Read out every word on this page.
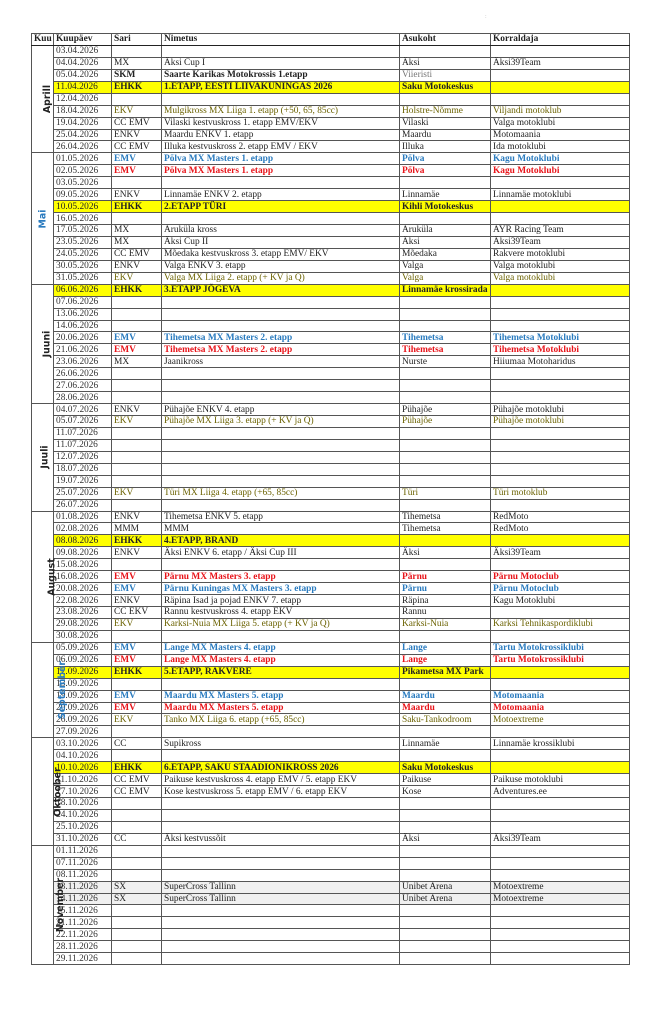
:
Kuu	Kuupäev	Sari	Nimetus	Asukoht	Korraldaja
Aprill	03.04.2026				
	04.04.2026	MX	Äksi Cup I	Äksi	Äksi39Team
	05.04.2026	SKM	Saarte Karikas Motokrossis 1.etapp	Viieristi	
	11.04.2026	EHKK	1.ETAPP, EESTI LIIVAKUNINGAS 2026	Saku Motokeskus	
	12.04.2026				
	18.04.2026	EKV	Mulgikross MX Liiga 1. etapp (+50, 65, 85cc)	Holstre-Nõmme	Viljandi motoklub
	19.04.2026	CC EMV	Vilaski kestvuskross 1. etapp EMV/EKV	Vilaski	Valga motoklubi
	25.04.2026	ENKV	Maardu ENKV 1. etapp	Maardu	Motomaania
	26.04.2026	CC EMV	Illuka kestvuskross 2. etapp EMV / EKV	Illuka	Ida motoklubi
Mai	01.05.2026	EMV	Põlva MX Masters 1. etapp	Põlva	Kagu Motoklubi
	02.05.2026	EMV	Põlva MX Masters 1. etapp	Põlva	Kagu Motoklubi
	03.05.2026				
	09.05.2026	ENKV	Linnamäe ENKV 2. etapp	Linnamäe	Linnamäe motoklubi
	10.05.2026	EHKK	2.ETAPP TÜRI	Kihli Motokeskus	
	16.05.2026				
	17.05.2026	MX	Aruküla kross	Aruküla	AYR Racing Team
	23.05.2026	MX	Äksi Cup II	Äksi	Äksi39Team
	24.05.2026	CC EMV	Mõedaka kestvuskross 3. etapp EMV/ EKV	Mõedaka	Rakvere motoklubi
	30.05.2026	ENKV	Valga ENKV 3. etapp	Valga	Valga motoklubi
	31.05.2026	EKV	Valga MX Liiga 2. etapp (+ KV ja Q)	Valga	Valga motoklubi
Juuni	06.06.2026	EHKK	3.ETAPP JÕGEVA	Linnamäe krossirada	
	07.06.2026				
	13.06.2026				
	14.06.2026				
	20.06.2026	EMV	Tihemetsa MX Masters 2. etapp	Tihemetsa	Tihemetsa Motoklubi
	21.06.2026	EMV	Tihemetsa MX Masters 2. etapp	Tihemetsa	Tihemetsa Motoklubi
	23.06.2026	MX	Jaanikross	Nurste	Hiiumaa Motoharidus
	26.06.2026				
	27.06.2026				
	28.06.2026				
Juuli	04.07.2026	ENKV	Pühajõe ENKV 4. etapp	Pühajõe	Pühajõe motoklubi
	05.07.2026	EKV	Pühajõe MX Liiga 3. etapp (+ KV ja Q)	Pühajõe	Pühajõe motoklubi
	11.07.2026				
	11.07.2026				
	12.07.2026				
	18.07.2026				
	19.07.2026				
	25.07.2026	EKV	Türi MX Liiga 4. etapp (+65, 85cc)	Türi	Türi motoklub
	26.07.2026				
August	01.08.2026	ENKV	Tihemetsa ENKV 5. etapp	Tihemetsa	RedMoto
	02.08.2026	MMM	MMM	Tihemetsa	RedMoto
	08.08.2026	EHKK	4.ETAPP, BRAND		
	09.08.2026	ENKV	Äksi ENKV 6. etapp / Äksi Cup III	Äksi	Äksi39Team
	15.08.2026				
	16.08.2026	EMV	Pärnu MX Masters 3. etapp	Pärnu	Pärnu Motoclub
	20.08.2026	EMV	Pärnu Kuningas MX Masters 3. etapp	Pärnu	Pärnu Motoclub
	22.08.2026	ENKV	Räpina Isad ja pojad ENKV 7. etapp	Räpina	Kagu Motoklubi
	23.08.2026	CC EKV	Rannu kestvuskross 4. etapp EKV	Rannu	
	29.08.2026	EKV	Karksi-Nuia MX Liiga 5. etapp (+ KV ja Q)	Karksi-Nuia	Karksi Tehnikaspordiklubi
	30.08.2026				
September	05.09.2026	EMV	Lange MX Masters 4. etapp	Lange	Tartu Motokrossiklubi
	06.09.2026	EMV	Lange MX Masters 4. etapp	Lange	Tartu Motokrossiklubi
	12.09.2026	EHKK	5.ETAPP, RAKVERE	Pikametsa MX Park	
	13.09.2026				
	19.09.2026	EMV	Maardu MX Masters 5. etapp	Maardu	Motomaania
	20.09.2026	EMV	Maardu MX Masters 5. etapp	Maardu	Motomaania
	26.09.2026	EKV	Tanko MX Liiga 6. etapp (+65, 85cc)	Saku-Tankodroom	Motoextreme
	27.09.2026				
Oktoober	03.10.2026	CC	Supikross	Linnamäe	Linnamäe krossiklubi
	04.10.2026				
	10.10.2026	EHKK	6.ETAPP, SAKU STAADIONIKROSS 2026	Saku Motokeskus	
	11.10.2026	CC EMV	Paikuse kestvuskross 4. etapp EMV / 5. etapp EKV	Paikuse	Paikuse motoklubi
	17.10.2026	CC EMV	Kose kestvuskross 5. etapp EMV / 6. etapp EKV	Kose	Adventures.ee
	18.10.2026				
	24.10.2026				
	25.10.2026				
	31.10.2026	CC	Äksi kestvussõit	Äksi	Äksi39Team
November	01.11.2026				
	07.11.2026				
	08.11.2026				
	13.11.2026	SX	SuperCross Tallinn	Unibet Arena	Motoextreme
	14.11.2026	SX	SuperCross Tallinn	Unibet Arena	Motoextreme
	15.11.2026				
	21.11.2026				
	22.11.2026				
	28.11.2026				
	29.11.2026				
